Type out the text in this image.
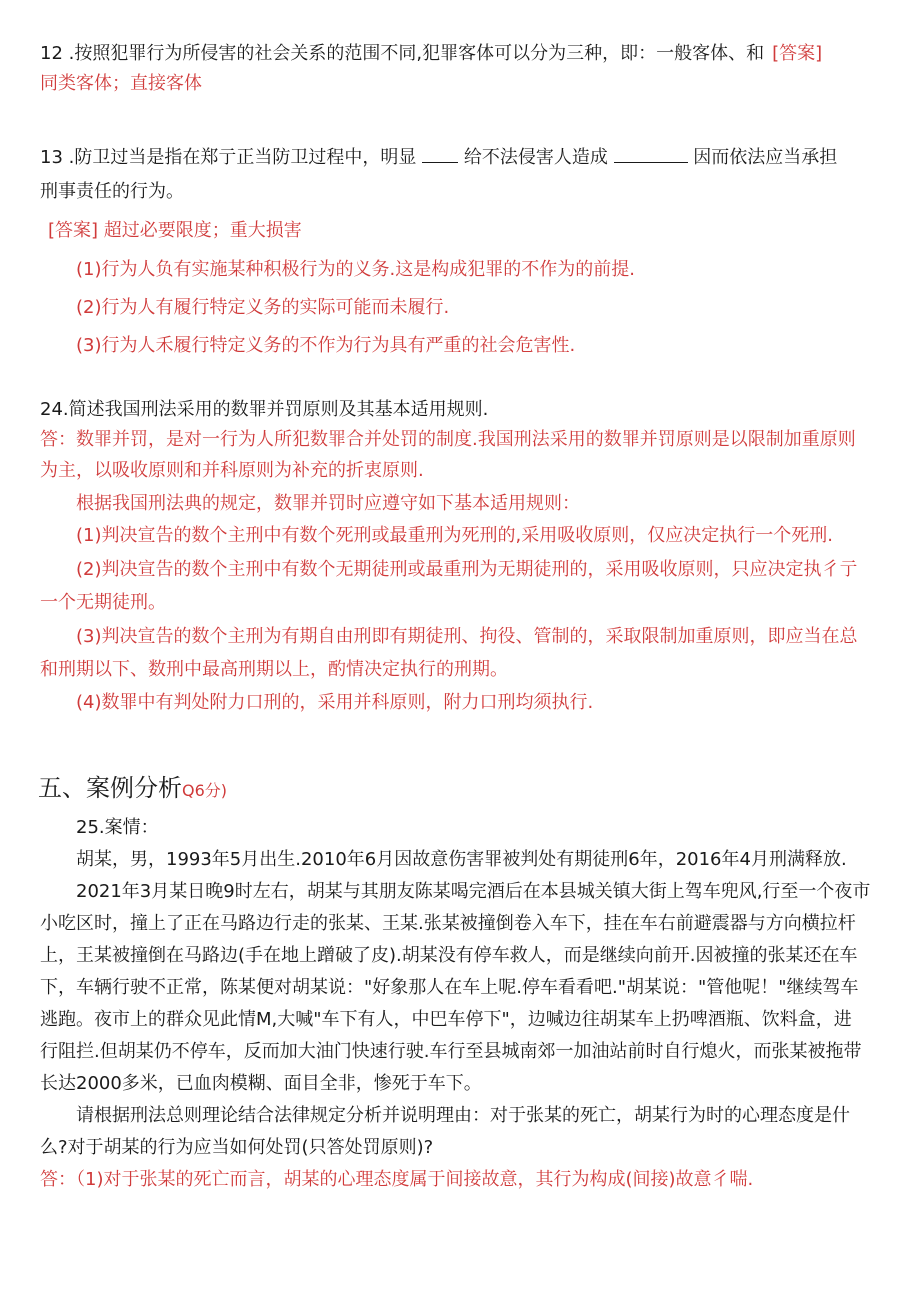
12 .按照犯罪行为所侵害的社会关系的范围不同,犯罪客体可以分为三种，即：一般客体、和 [答案]
同类客体；直接客体
13 .防卫过当是指在郑亍正当防卫过程中，明显	给不法侵害人造成	因而依法应当承担
刑事责任的行为。
[答案] 超过必要限度；重大损害
(1)行为人负有实施某种积极行为的义务.这是构成犯罪的不作为的前提.
(2)行为人有履行特定义务的实际可能而未履行.
(3)行为人禾履行特定义务的不作为行为具有严重的社会危害性.
24.简述我国刑法采用的数罪并罚原则及其基本适用规则.
答：数罪并罚，是对一行为人所犯数罪合并处罚的制度.我国刑法采用的数罪并罚原则是以限制加重原则
为主，以吸收原则和并科原则为补充的折衷原则.
根据我国刑法典的规定，数罪并罚时应遵守如下基本适用规则：
(1)判决宣告的数个主刑中有数个死刑或最重刑为死刑的,采用吸收原则，仅应决定执行一个死刑.
(2)判决宣告的数个主刑中有数个无期徒刑或最重刑为无期徒刑的，采用吸收原则，只应决定执彳亍
一个无期徒刑。
(3)判决宣告的数个主刑为有期自由刑即有期徒刑、拘役、管制的，采取限制加重原则，即应当在总
和刑期以下、数刑中最高刑期以上，酌情决定执行的刑期。
(4)数罪中有判处附力口刑的，采用并科原则，附力口刑均须执行.
五、案例分析Q6分)
25.案情：
胡某，男，1993年5月出生.2010年6月因故意伤害罪被判处有期徒刑6年，2016年4月刑满释放.
2021年3月某日晚9时左右，胡某与其朋友陈某喝完酒后在本县城关镇大街上驾车兜风,行至一个夜市
小吃区时，撞上了正在马路边行走的张某、王某.张某被撞倒卷入车下，挂在车右前避震器与方向横拉杆
上，王某被撞倒在马路边(手在地上蹭破了皮).胡某没有停车救人，而是继续向前开.因被撞的张某还在车
下，车辆行驶不正常，陈某便对胡某说："好象那人在车上呢.停车看看吧."胡某说："管他呢！"继续驾车
逃跑。夜市上的群众见此情M,大喊"车下有人，中巴车停下"，边喊边往胡某车上扔啤酒瓶、饮料盒，进
行阻拦.但胡某仍不停车，反而加大油门快速行驶.车行至县城南郊一加油站前时自行熄火，而张某被拖带
长达2000多米，已血肉模糊、面目全非，惨死于车下。
请根据刑法总则理论结合法律规定分析并说明理由：对于张某的死亡，胡某行为时的心理态度是什
么?对于胡某的行为应当如何处罚(只答处罚原则)?
答：（1)对于张某的死亡而言，胡某的心理态度属于间接故意，其行为构成(间接)故意彳喘.
